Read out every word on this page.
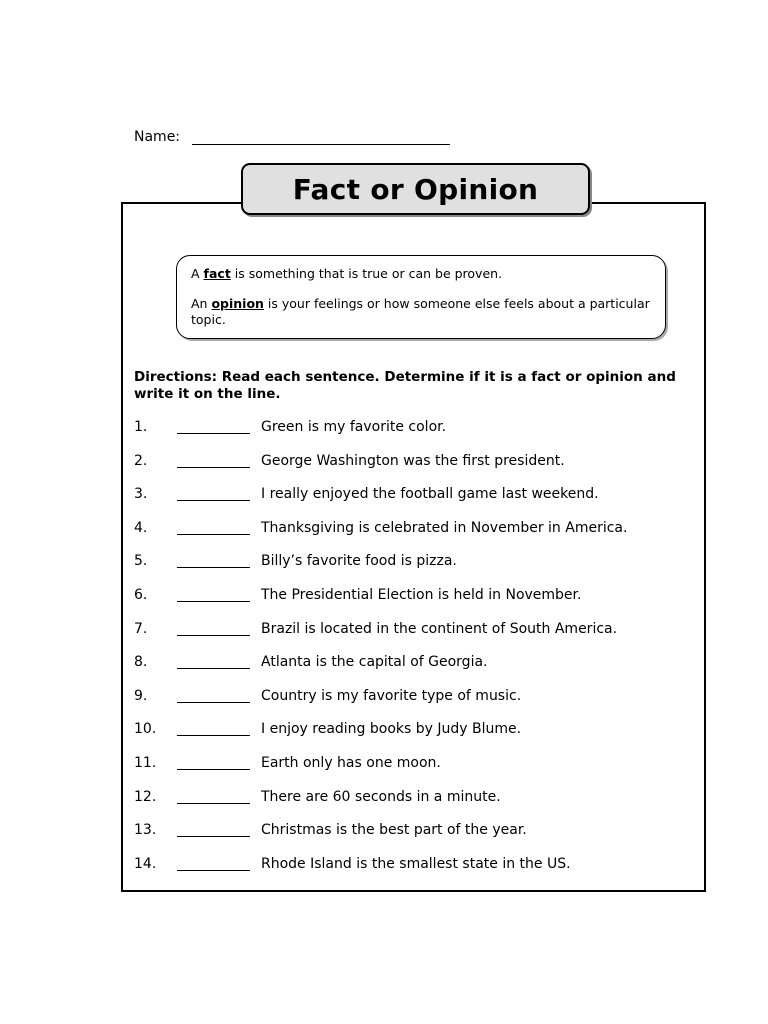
Name:
Fact or Opinion

A fact is something that is true or can be proven.

An opinion is your feelings or how someone else feels about a particular topic.

Directions: Read each sentence. Determine if it is a fact or opinion and write it on the line.
1.	Green is my favorite color.
2.	George Washington was the first president.
3.	I really enjoyed the football game last weekend.
4.	Thanksgiving is celebrated in November in America.
5.	Billy’s favorite food is pizza.
6.	The Presidential Election is held in November.
7.	Brazil is located in the continent of South America.
8.	Atlanta is the capital of Georgia.
9.	Country is my favorite type of music.
10.	I enjoy reading books by Judy Blume.
11.	Earth only has one moon.
12.	There are 60 seconds in a minute.
13.	Christmas is the best part of the year.
14.	Rhode Island is the smallest state in the US.
